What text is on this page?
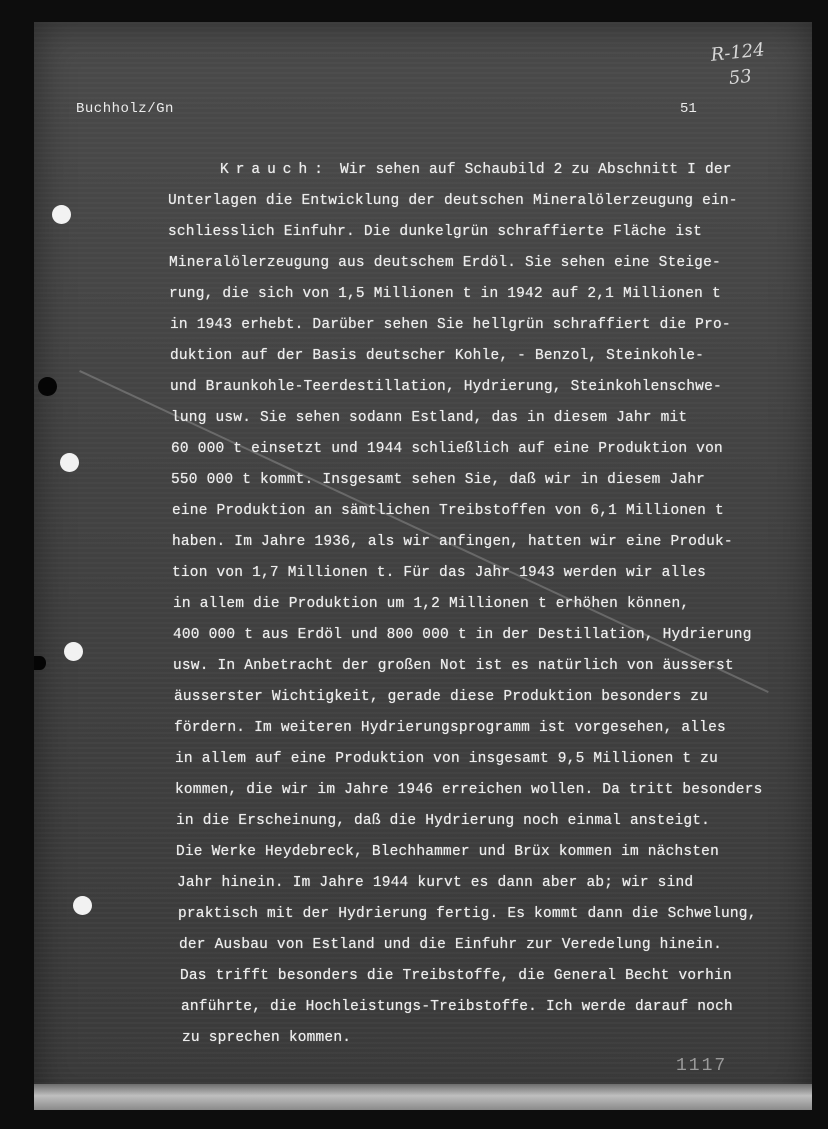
R-124
53
Buchholz/Gn	51
Krauch: Wir sehen auf Schaubild 2 zu Abschnitt I der
Unterlagen die Entwicklung der deutschen Mineralölerzeugung ein-
schliesslich Einfuhr. Die dunkelgrün schraffierte Fläche ist
Mineralölerzeugung aus deutschem Erdöl. Sie sehen eine Steige-
rung, die sich von 1,5 Millionen t in 1942 auf 2,1 Millionen t
in 1943 erhebt. Darüber sehen Sie hellgrün schraffiert die Pro-
duktion auf der Basis deutscher Kohle, - Benzol, Steinkohle-
und Braunkohle-Teerdestillation, Hydrierung, Steinkohlenschwe-
lung usw. Sie sehen sodann Estland, das in diesem Jahr mit
60 000 t einsetzt und 1944 schließlich auf eine Produktion von
550 000 t kommt. Insgesamt sehen Sie, daß wir in diesem Jahr
eine Produktion an sämtlichen Treibstoffen von 6,1 Millionen t
haben. Im Jahre 1936, als wir anfingen, hatten wir eine Produk-
tion von 1,7 Millionen t. Für das Jahr 1943 werden wir alles
in allem die Produktion um 1,2 Millionen t erhöhen können,
400 000 t aus Erdöl und 800 000 t in der Destillation, Hydrierung
usw. In Anbetracht der großen Not ist es natürlich von äusserst
äusserster Wichtigkeit, gerade diese Produktion besonders zu
fördern. Im weiteren Hydrierungsprogramm ist vorgesehen, alles
in allem auf eine Produktion von insgesamt 9,5 Millionen t zu
kommen, die wir im Jahre 1946 erreichen wollen. Da tritt besonders
in die Erscheinung, daß die Hydrierung noch einmal ansteigt.
Die Werke Heydebreck, Blechhammer und Brüx kommen im nächsten
Jahr hinein. Im Jahre 1944 kurvt es dann aber ab; wir sind
praktisch mit der Hydrierung fertig. Es kommt dann die Schwelung,
der Ausbau von Estland und die Einfuhr zur Veredelung hinein.
Das trifft besonders die Treibstoffe, die General Becht vorhin
anführte, die Hochleistungs-Treibstoffe. Ich werde darauf noch
zu sprechen kommen.
1117
